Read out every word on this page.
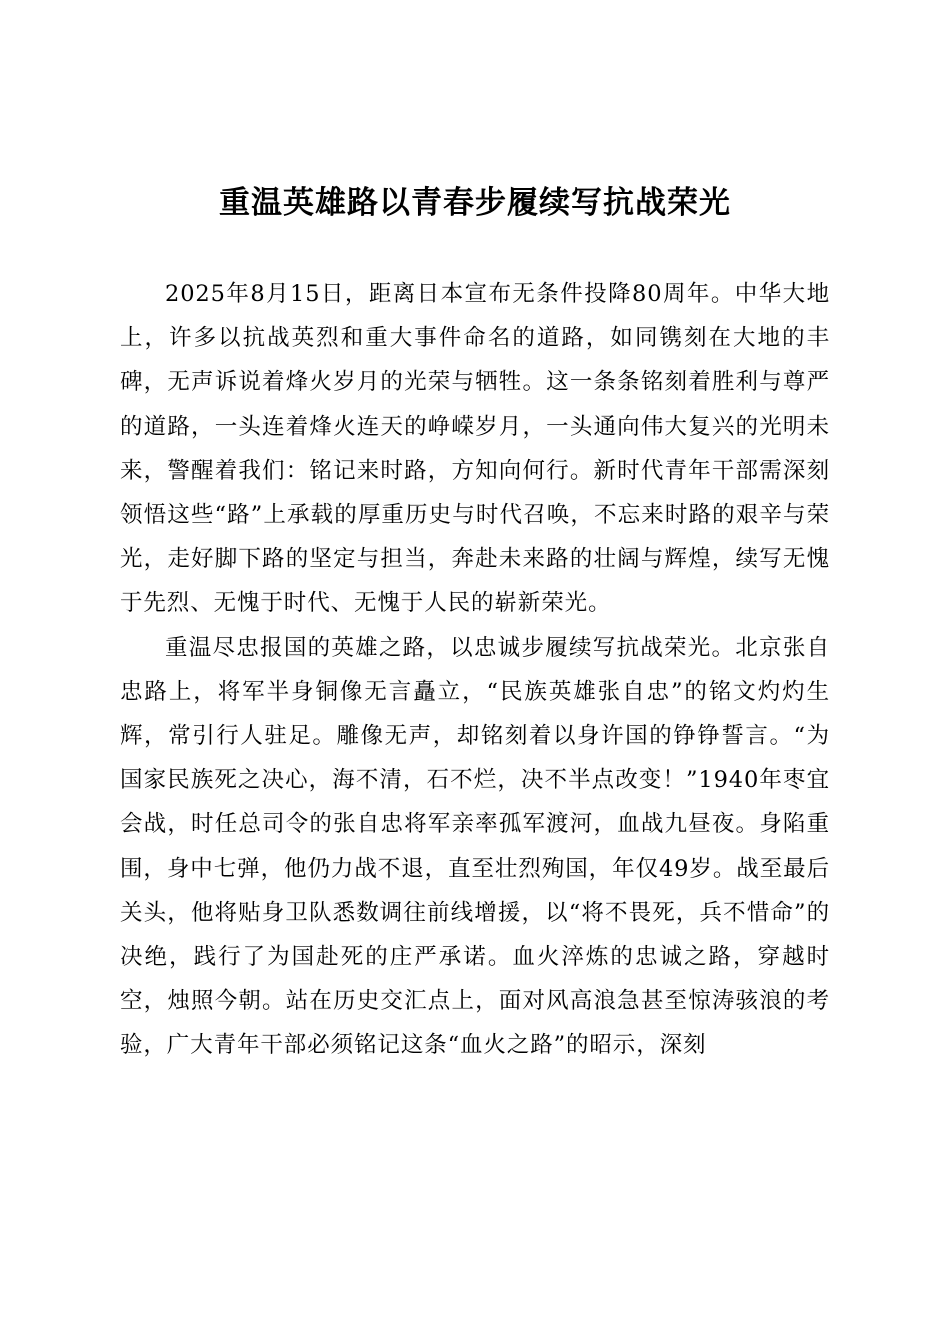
重温英雄路以青春步履续写抗战荣光

2025年8月15日，距离日本宣布无条件投降80周年。中华大地上，许多以抗战英烈和重大事件命名的道路，如同镌刻在大地的丰碑，无声诉说着烽火岁月的光荣与牺牲。这一条条铭刻着胜利与尊严的道路，一头连着烽火连天的峥嵘岁月，一头通向伟大复兴的光明未来，警醒着我们：铭记来时路，方知向何行。新时代青年干部需深刻领悟这些“路”上承载的厚重历史与时代召唤，不忘来时路的艰辛与荣光，走好脚下路的坚定与担当，奔赴未来路的壮阔与辉煌，续写无愧于先烈、无愧于时代、无愧于人民的崭新荣光。

重温尽忠报国的英雄之路，以忠诚步履续写抗战荣光。北京张自忠路上，将军半身铜像无言矗立，“民族英雄张自忠”的铭文灼灼生辉，常引行人驻足。雕像无声，却铭刻着以身许国的铮铮誓言。“为国家民族死之决心，海不清，石不烂，决不半点改变！”1940年枣宜会战，时任总司令的张自忠将军亲率孤军渡河，血战九昼夜。身陷重围，身中七弹，他仍力战不退，直至壮烈殉国，年仅49岁。战至最后关头，他将贴身卫队悉数调往前线增援，以“将不畏死，兵不惜命”的决绝，践行了为国赴死的庄严承诺。血火淬炼的忠诚之路，穿越时空，烛照今朝。站在历史交汇点上，面对风高浪急甚至惊涛骇浪的考验，广大青年干部必须铭记这条“血火之路”的昭示，深刻
